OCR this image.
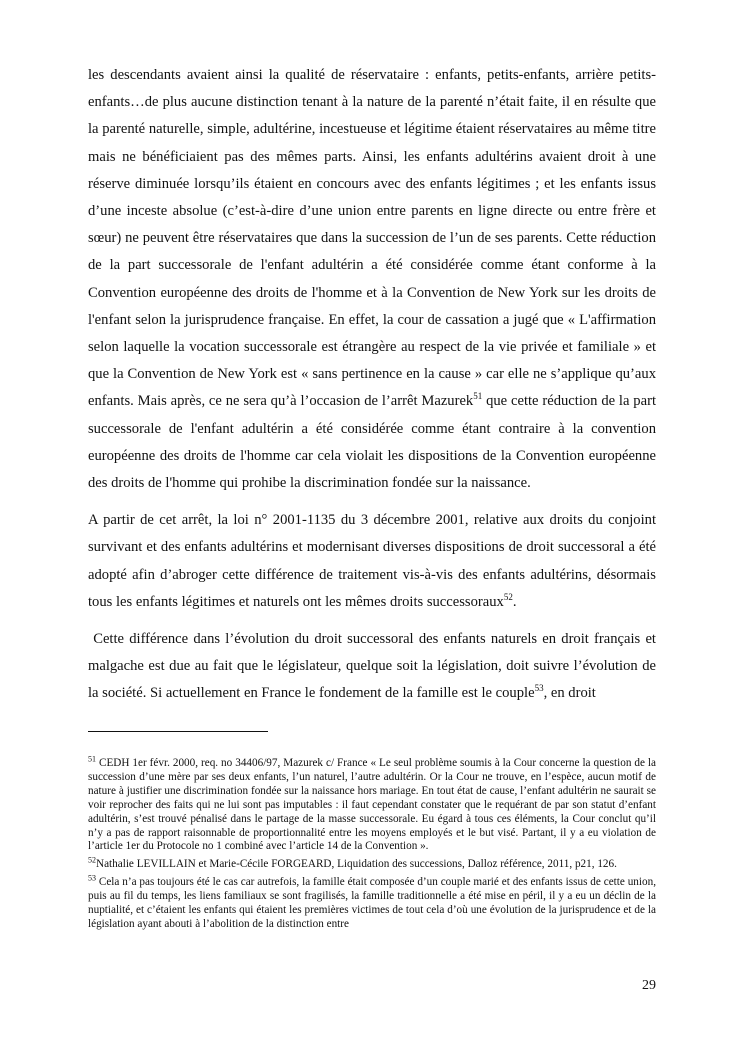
les descendants avaient ainsi la qualité de réservataire : enfants, petits-enfants, arrière petits-enfants…de plus aucune distinction tenant à la nature de la parenté n’était faite, il en résulte que la parenté naturelle, simple, adultérine, incestueuse et légitime étaient réservataires au même titre mais ne bénéficiaient pas des mêmes parts. Ainsi, les enfants adultérins avaient droit à une réserve diminuée lorsqu’ils étaient en concours avec des enfants légitimes ; et les enfants issus d’une inceste absolue (c’est-à-dire d’une union entre parents en ligne directe ou entre frère et sœur) ne peuvent être réservataires que dans la succession de l’un de ses parents. Cette réduction de la part successorale de l'enfant adultérin a été considérée comme étant conforme à la Convention européenne des droits de l'homme et à la Convention de New York sur les droits de l'enfant selon la jurisprudence française. En effet, la cour de cassation a jugé que « L'affirmation selon laquelle la vocation successorale est étrangère au respect de la vie privée et familiale » et que la Convention de New York est « sans pertinence en la cause » car elle ne s’applique qu’aux enfants. Mais après, ce ne sera qu’à l’occasion de l’arrêt Mazurek$^{51}$ que cette réduction de la part successorale de l'enfant adultérin a été considérée comme étant contraire à la convention européenne des droits de l'homme car cela violait les dispositions de la Convention européenne des droits de l'homme qui prohibe la discrimination fondée sur la naissance.

A partir de cet arrêt, la loi n° 2001-1135 du 3 décembre 2001, relative aux droits du conjoint survivant et des enfants adultérins et modernisant diverses dispositions de droit successoral a été adopté afin d’abroger cette différence de traitement vis-à-vis des enfants adultérins, désormais tous les enfants légitimes et naturels ont les mêmes droits successoraux$^{52}$.

Cette différence dans l’évolution du droit successoral des enfants naturels en droit français et malgache est due au fait que le législateur, quelque soit la législation, doit suivre l’évolution de la société. Si actuellement en France le fondement de la famille est le couple$^{53}$, en droit

$^{51}$ CEDH 1er févr. 2000, req. no 34406/97, Mazurek c/ France « Le seul problème soumis à la Cour concerne la question de la succession d’une mère par ses deux enfants, l’un naturel, l’autre adultérin. Or la Cour ne trouve, en l’espèce, aucun motif de nature à justifier une discrimination fondée sur la naissance hors mariage. En tout état de cause, l’enfant adultérin ne saurait se voir reprocher des faits qui ne lui sont pas imputables : il faut cependant constater que le requérant de par son statut d’enfant adultérin, s’est trouvé pénalisé dans le partage de la masse successorale. Eu égard à tous ces éléments, la Cour conclut qu’il n’y a pas de rapport raisonnable de proportionnalité entre les moyens employés et le but visé. Partant, il y a eu violation de l’article 1er du Protocole no 1 combiné avec l’article 14 de la Convention ».

$^{52}$Nathalie LEVILLAIN et Marie-Cécile FORGEARD, Liquidation des successions, Dalloz référence, 2011, p21, 126.

$^{53}$ Cela n’a pas toujours été le cas car autrefois, la famille était composée d’un couple marié et des enfants issus de cette union, puis au fil du temps, les liens familiaux se sont fragilisés, la famille traditionnelle a été mise en péril, il y a eu un déclin de la nuptialité, et c’étaient les enfants qui étaient les premières victimes de tout cela d’où une évolution de la jurisprudence et de la législation ayant abouti à l’abolition de la distinction entre

29
